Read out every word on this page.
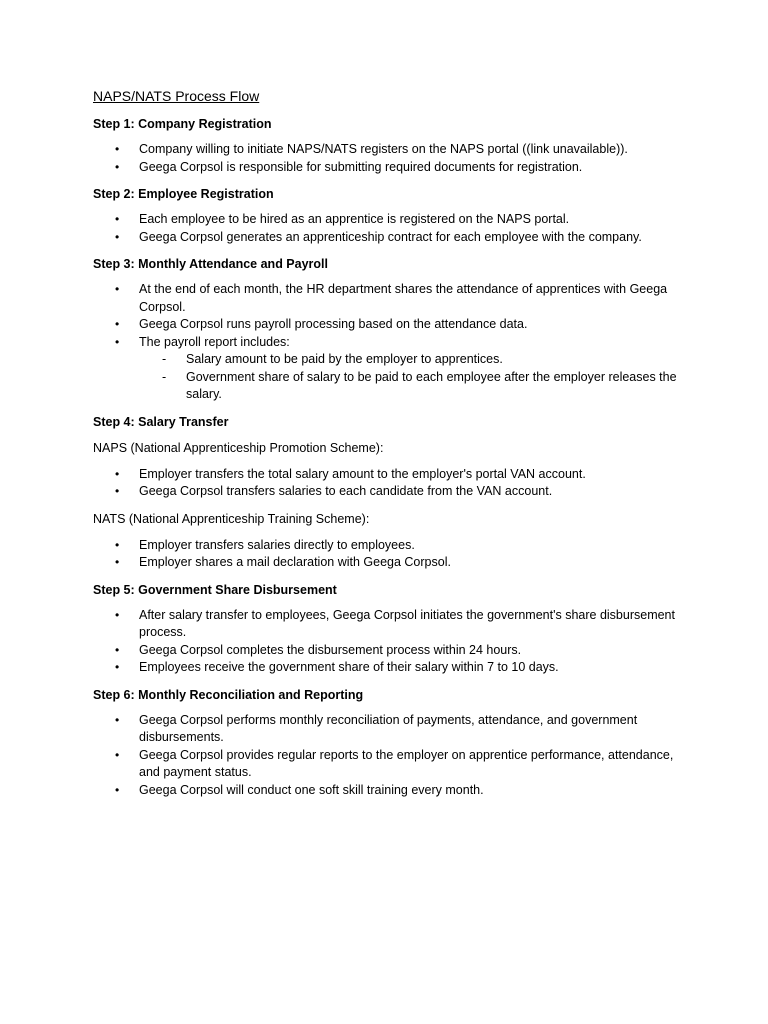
NAPS/NATS Process Flow
Step 1: Company Registration
• Company willing to initiate NAPS/NATS registers on the NAPS portal ((link unavailable)).
• Geega Corpsol is responsible for submitting required documents for registration.
Step 2: Employee Registration
• Each employee to be hired as an apprentice is registered on the NAPS portal.
• Geega Corpsol generates an apprenticeship contract for each employee with the company.
Step 3: Monthly Attendance and Payroll
• At the end of each month, the HR department shares the attendance of apprentices with Geega Corpsol.
• Geega Corpsol runs payroll processing based on the attendance data.
• The payroll report includes:
- Salary amount to be paid by the employer to apprentices.
- Government share of salary to be paid to each employee after the employer releases the salary.
Step 4: Salary Transfer
NAPS (National Apprenticeship Promotion Scheme):
• Employer transfers the total salary amount to the employer's portal VAN account.
• Geega Corpsol transfers salaries to each candidate from the VAN account.
NATS (National Apprenticeship Training Scheme):
• Employer transfers salaries directly to employees.
• Employer shares a mail declaration with Geega Corpsol.
Step 5: Government Share Disbursement
• After salary transfer to employees, Geega Corpsol initiates the government's share disbursement process.
• Geega Corpsol completes the disbursement process within 24 hours.
• Employees receive the government share of their salary within 7 to 10 days.
Step 6: Monthly Reconciliation and Reporting
• Geega Corpsol performs monthly reconciliation of payments, attendance, and government disbursements.
• Geega Corpsol provides regular reports to the employer on apprentice performance, attendance, and payment status.
• Geega Corpsol will conduct one soft skill training every month.
